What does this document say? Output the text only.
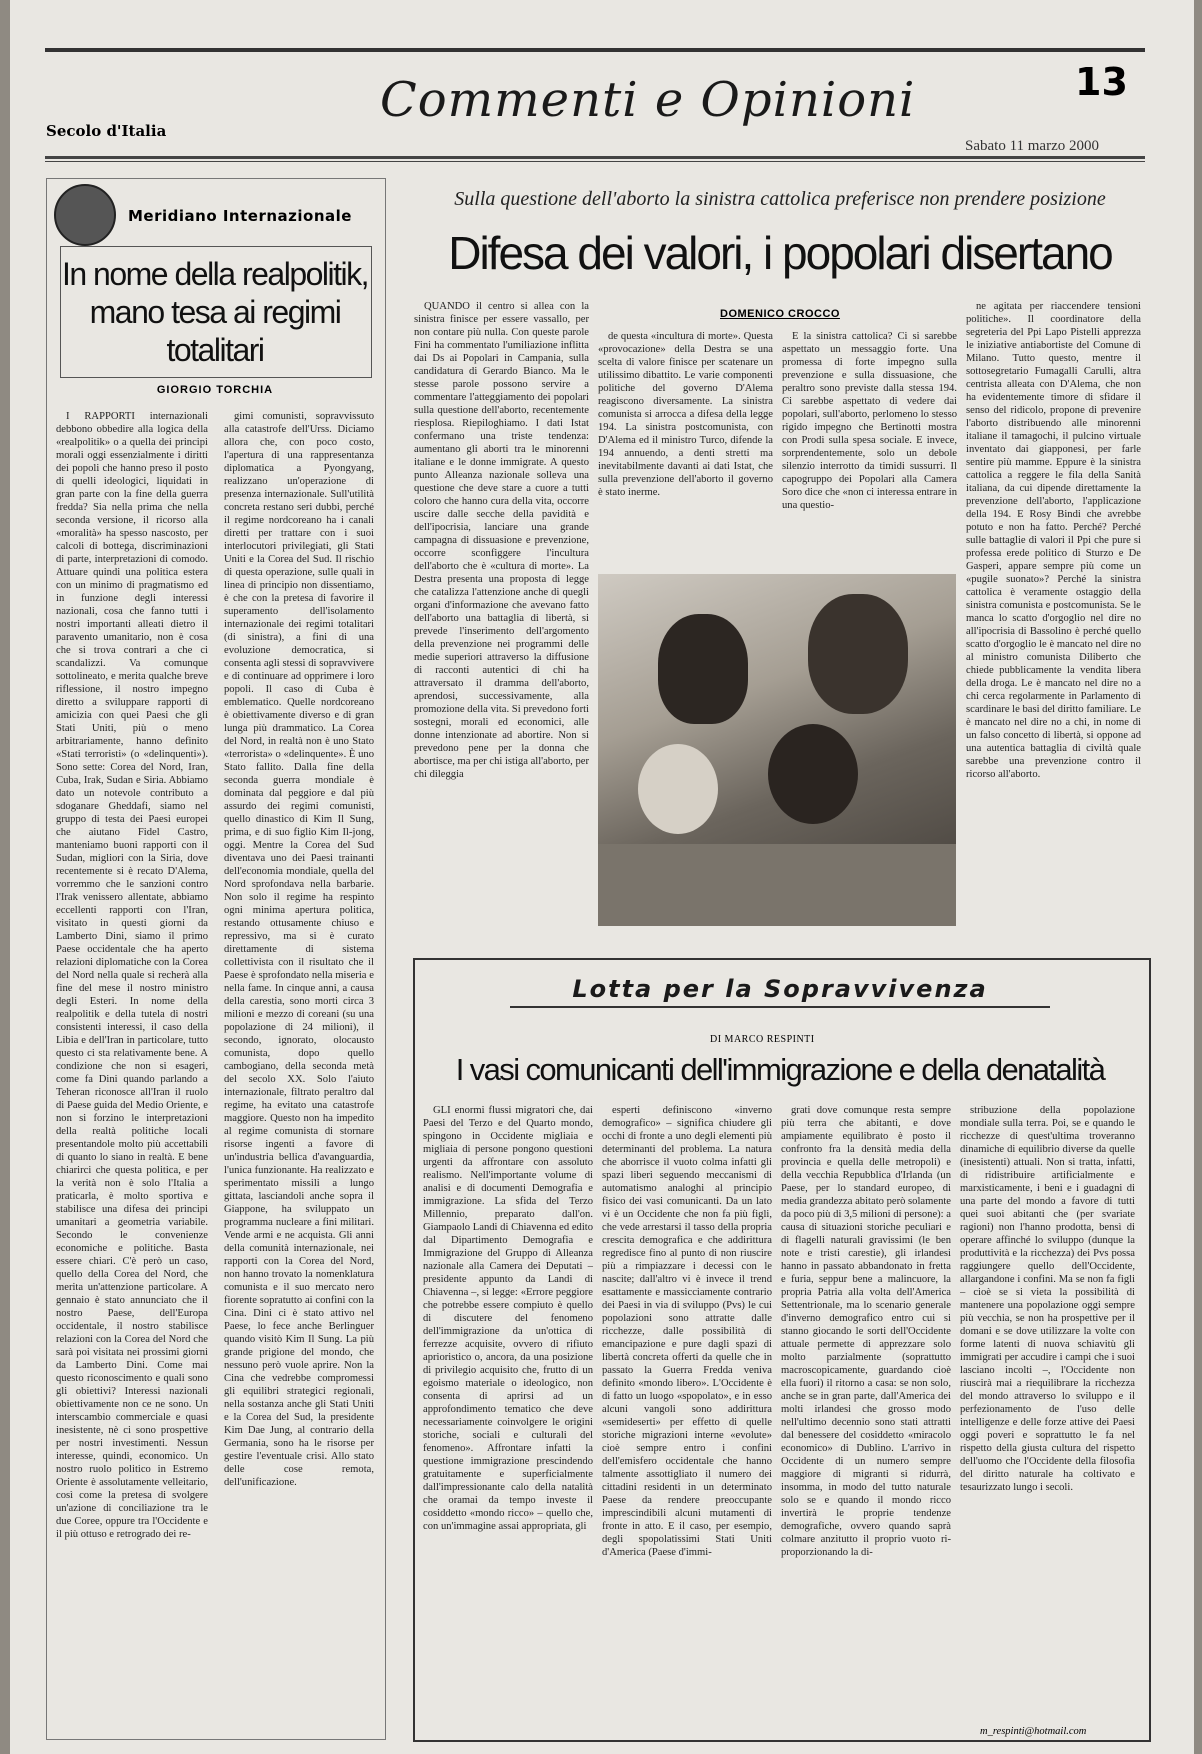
Commenti e Opinioni	13
Secolo d'Italia
Sabato 11 marzo 2000
Meridiano Internazionale
In nome della realpolitik, mano tesa ai regimi totalitari
GIORGIO TORCHIA

I RAPPORTI internazionali debbono obbedire alla logica della «realpolitik» o a quella dei principi morali oggi essenzialmente i diritti dei popoli che hanno preso il posto di quelli ideologici, liquidati in gran parte con la fine della guerra fredda? Sia nella prima che nella seconda versione, il ricorso alla «moralità» ha spesso nascosto, per calcoli di bottega, discriminazioni di parte, interpretazioni di comodo. Attuare quindi una politica estera con un minimo di pragmatismo ed in funzione degli interessi nazionali, cosa che fanno tutti i nostri importanti alleati dietro il paravento umanitario, non è cosa che si trova contrari a che ci scandalizzi. Va comunque sottolineato, e merita qualche breve riflessione, il nostro impegno diretto a sviluppare rapporti di amicizia con quei Paesi che gli Stati Uniti, più o meno arbitrariamente, hanno definito «Stati terroristi» (o «delinquenti»). Sono sette: Corea del Nord, Iran, Cuba, Irak, Sudan e Siria. Abbiamo dato un notevole contributo a sdoganare Gheddafi, siamo nel gruppo di testa dei Paesi europei che aiutano Fidel Castro, manteniamo buoni rapporti con il Sudan, migliori con la Siria, dove recentemente si è recato D'Alema, vorremmo che le sanzioni contro l'Irak venissero allentate, abbiamo eccellenti rapporti con l'Iran, visitato in questi giorni da Lamberto Dini, siamo il primo Paese occidentale che ha aperto relazioni diplomatiche con la Corea del Nord nella quale si recherà alla fine del mese il nostro ministro degli Esteri. In nome della realpolitik e della tutela di nostri consistenti interessi, il caso della Libia e dell'Iran in particolare, tutto questo ci sta relativamente bene. A condizione che non si esageri, come fa Dini quando parlando a Teheran riconosce all'Iran il ruolo di Paese guida del Medio Oriente, e non si forzino le interpretazioni della realtà politiche locali presentandole molto più accettabili di quanto lo siano in realtà. E bene chiarirci che questa politica, e per la verità non è solo l'Italia a praticarla, è molto sportiva e stabilisce una difesa dei principi umanitari a geometria variabile. Secondo le convenienze economiche e politiche. Basta essere chiari. C'è però un caso, quello della Corea del Nord, che merita un'attenzione particolare. A gennaio è stato annunciato che il nostro Paese, dell'Europa occidentale, il nostro stabilisce relazioni con la Corea del Nord che sarà poi visitata nei prossimi giorni da Lamberto Dini. Come mai questo riconoscimento e quali sono gli obiettivi? Interessi nazionali obiettivamente non ce ne sono. Un interscambio commerciale e quasi inesistente, nè ci sono prospettive per nostri investimenti. Nessun interesse, quindi, economico. Un nostro ruolo politico in Estremo Oriente è assolutamente velleitario, così come la pretesa di svolgere un'azione di conciliazione tra le due Coree, oppure tra l'Occidente e il più ottuso e retrogrado dei re-

gimi comunisti, sopravvissuto alla catastrofe dell'Urss. Diciamo allora che, con poco costo, l'apertura di una rappresentanza diplomatica a Pyongyang, realizzano un'operazione di presenza internazionale. Sull'utilità concreta restano seri dubbi, perché il regime nordcoreano ha i canali diretti per trattare con i suoi interlocutori privilegiati, gli Stati Uniti e la Corea del Sud. Il rischio di questa operazione, sulle quali in linea di principio non dissentiamo, è che con la pretesa di favorire il superamento dell'isolamento internazionale dei regimi totalitari (di sinistra), a fini di una evoluzione democratica, si consenta agli stessi di sopravvivere e di continuare ad opprimere i loro popoli. Il caso di Cuba è emblematico. Quelle nordcoreano è obiettivamente diverso e di gran lunga più drammatico. La Corea del Nord, in realtà non è uno Stato «terrorista» o «delinquente». È uno Stato fallito. Dalla fine della seconda guerra mondiale è dominata dal peggiore e dal più assurdo dei regimi comunisti, quello dinastico di Kim Il Sung, prima, e di suo figlio Kim Il-jong, oggi. Mentre la Corea del Sud diventava uno dei Paesi trainanti dell'economia mondiale, quella del Nord sprofondava nella barbarie. Non solo il regime ha respinto ogni minima apertura politica, restando ottusamente chiuso e repressivo, ma si è curato direttamente di sistema collettivista con il risultato che il Paese è sprofondato nella miseria e nella fame. In cinque anni, a causa della carestia, sono morti circa 3 milioni e mezzo di coreani (su una popolazione di 24 milioni), il secondo, ignorato, olocausto comunista, dopo quello cambogiano, della seconda metà del secolo XX. Solo l'aiuto internazionale, filtrato peraltro dal regime, ha evitato una catastrofe maggiore. Questo non ha impedito al regime comunista di stornare risorse ingenti a favore di un'industria bellica d'avanguardia, l'unica funzionante. Ha realizzato e sperimentato missili a lungo gittata, lasciandoli anche sopra il Giappone, ha sviluppato un programma nucleare a fini militari. Vende armi e ne acquista. Gli anni della comunità internazionale, nei rapporti con la Corea del Nord, non hanno trovato la nomenklatura comunista e il suo mercato nero fiorente sopratutto ai confini con la Cina. Dini ci è stato attivo nel Paese, lo fece anche Berlinguer quando visitò Kim Il Sung. La più grande prigione del mondo, che nessuno però vuole aprire. Non la Cina che vedrebbe compromessi gli equilibri strategici regionali, nella sostanza anche gli Stati Uniti e la Corea del Sud, la presidente Kim Dae Jung, al contrario della Germania, sono ha le risorse per gestire l'eventuale crisi. Allo stato delle cose remota, dell'unificazione.

Sulla questione dell'aborto la sinistra cattolica preferisce non prendere posizione
Difesa dei valori, i popolari disertano
DOMENICO CROCCO

QUANDO il centro si allea con la sinistra finisce per essere vassallo, per non contare più nulla. Con queste parole Fini ha commentato l'umiliazione inflitta dai Ds ai Popolari in Campania, sulla candidatura di Gerardo Bianco. Ma le stesse parole possono servire a commentare l'atteggiamento dei popolari sulla questione dell'aborto, recentemente riesplosa. Riepiloghiamo. I dati Istat confermano una triste tendenza: aumentano gli aborti tra le minorenni italiane e le donne immigrate. A questo punto Alleanza nazionale solleva una questione che deve stare a cuore a tutti coloro che hanno cura della vita, occorre uscire dalle secche della pavidità e dell'ipocrisia, lanciare una grande campagna di dissuasione e prevenzione, occorre sconfiggere l'incultura dell'aborto che è «cultura di morte». La Destra presenta una proposta di legge che catalizza l'attenzione anche di quegli organi d'informazione che avevano fatto dell'aborto una battaglia di libertà, si prevede l'inserimento dell'argomento della prevenzione nei programmi delle medie superiori attraverso la diffusione di racconti autentici di chi ha attraversato il dramma dell'aborto, aprendosi, successivamente, alla promozione della vita. Si prevedono forti sostegni, morali ed economici, alle donne intenzionate ad abortire. Non si prevedono pene per la donna che abortisce, ma per chi istiga all'aborto, per chi dileggia

de questa «incultura di morte». Questa «provocazione» della Destra se una scelta di valore finisce per scatenare un utilissimo dibattito. Le varie componenti politiche del governo D'Alema reagiscono diversamente. La sinistra comunista si arrocca a difesa della legge 194. La sinistra postcomunista, con D'Alema ed il ministro Turco, difende la 194 annuendo, a denti stretti ma inevitabilmente davanti ai dati Istat, che sulla prevenzione dell'aborto il governo è stato inerme.

E la sinistra cattolica? Ci si sarebbe aspettato un messaggio forte. Una promessa di forte impegno sulla prevenzione e sulla dissuasione, che peraltro sono previste dalla stessa 194. Ci sarebbe aspettato di vedere dai popolari, sull'aborto, perlomeno lo stesso rigido impegno che Bertinotti mostra con Prodi sulla spesa sociale. E invece, sorprendentemente, solo un debole silenzio interrotto da timidi sussurri. Il capogruppo dei Popolari alla Camera Soro dice che «non ci interessa entrare in una questio-

ne agitata per riaccendere tensioni politiche». Il coordinatore della segreteria del Ppi Lapo Pistelli apprezza le iniziative antiabortiste del Comune di Milano. Tutto questo, mentre il sottosegretario Fumagalli Carulli, altra centrista alleata con D'Alema, che non ha evidentemente timore di sfidare il senso del ridicolo, propone di prevenire l'aborto distribuendo alle minorenni italiane il tamagochi, il pulcino virtuale inventato dai giapponesi, per farle sentire più mamme. Eppure è la sinistra cattolica a reggere le fila della Sanità italiana, da cui dipende direttamente la prevenzione dell'aborto, l'applicazione della 194. E Rosy Bindi che avrebbe potuto e non ha fatto. Perché? Perché sulle battaglie di valori il Ppi che pure si professa erede politico di Sturzo e De Gasperi, appare sempre più come un «pugile suonato»? Perché la sinistra cattolica è veramente ostaggio della sinistra comunista e postcomunista. Se le manca lo scatto d'orgoglio nel dire no all'ipocrisia di Bassolino è perché quello scatto d'orgoglio le è mancato nel dire no al ministro comunista Diliberto che chiede pubblicamente la vendita libera della droga. Le è mancato nel dire no a chi cerca regolarmente in Parlamento di scardinare le basi del diritto familiare. Le è mancato nel dire no a chi, in nome di un falso concetto di libertà, si oppone ad una autentica battaglia di civiltà quale sarebbe una prevenzione contro il ricorso all'aborto.

Lotta per la Sopravvivenza
DI MARCO RESPINTI
I vasi comunicanti dell'immigrazione e della denatalità

GLI enormi flussi migratori che, dai Paesi del Terzo e del Quarto mondo, spingono in Occidente migliaia e migliaia di persone pongono questioni urgenti da affrontare con assoluto realismo. Nell'importante volume di analisi e di documenti Demografia e immigrazione. La sfida del Terzo Millennio, preparato dall'on. Giampaolo Landi di Chiavenna ed edito dal Dipartimento Demografia e Immigrazione del Gruppo di Alleanza nazionale alla Camera dei Deputati – presidente appunto da Landi di Chiavenna –, si legge: «Errore peggiore che potrebbe essere compiuto è quello di discutere del fenomeno dell'immigrazione da un'ottica di ferrezze acquisite, ovvero di rifiuto aprioristico o, ancora, da una posizione di privilegio acquisito che, frutto di un egoismo materiale o ideologico, non consenta di aprirsi ad un approfondimento tematico che deve necessariamente coinvolgere le origini storiche, sociali e culturali del fenomeno». Affrontare infatti la questione immigrazione prescindendo gratuitamente e superficialmente dall'impressionante calo della natalità che oramai da tempo investe il cosiddetto «mondo ricco» – quello che, con un'immagine assai appropriata, gli

esperti definiscono «inverno demografico» – significa chiudere gli occhi di fronte a uno degli elementi più determinanti del problema. La natura che aborrisce il vuoto colma infatti gli spazi liberi seguendo meccanismi di automatismo analoghi al principio fisico dei vasi comunicanti. Da un lato vi è un Occidente che non fa più figli, che vede arrestarsi il tasso della propria crescita demografica e che addirittura regredisce fino al punto di non riuscire più a rimpiazzare i decessi con le nascite; dall'altro vi è invece il trend esattamente e massicciamente contrario dei Paesi in via di sviluppo (Pvs) le cui popolazioni sono attratte dalle ricchezze, dalle possibilità di emancipazione e pure dagli spazi di libertà concreta offerti da quelle che in passato la Guerra Fredda veniva definito «mondo libero». L'Occidente è di fatto un luogo «spopolato», e in esso alcuni vangoli sono addirittura «semideserti» per effetto di quelle storiche migrazioni interne «evolute» cioè sempre entro i confini dell'emisfero occidentale che hanno talmente assottigliato il numero dei cittadini residenti in un determinato Paese da rendere preoccupante imprescindibili alcuni mutamenti di fronte in atto. E il caso, per esempio, degli spopolatissimi Stati Uniti d'America (Paese d'immi-

grati dove comunque resta sempre più terra che abitanti, e dove ampiamente equilibrato è posto il confronto fra la densità media della provincia e quella delle metropoli) e della vecchia Repubblica d'Irlanda (un Paese, per lo standard europeo, di media grandezza abitato però solamente da poco più di 3,5 milioni di persone): a causa di situazioni storiche peculiari e di flagelli naturali gravissimi (le ben note e tristi carestie), gli irlandesi hanno in passato abbandonato in fretta e furia, seppur bene a malincuore, la propria Patria alla volta dell'America Settentrionale, ma lo scenario generale d'inverno demografico entro cui si stanno giocando le sorti dell'Occidente attuale permette di apprezzare solo molto parzialmente (soprattutto macroscopicamente, guardando cioè ella fuori) il ritorno a casa: se non solo, anche se in gran parte, dall'America dei molti irlandesi che grosso modo nell'ultimo decennio sono stati attratti dal benessere del cosiddetto «miracolo economico» di Dublino. L'arrivo in Occidente di un numero sempre maggiore di migranti si ridurrà, insomma, in modo del tutto naturale solo se e quando il mondo ricco invertirà le proprie tendenze demografiche, ovvero quando saprà colmare anzitutto il proprio vuoto ri-proporzionando la di-

stribuzione della popolazione mondiale sulla terra. Poi, se e quando le ricchezze di quest'ultima troveranno dinamiche di equilibrio diverse da quelle (inesistenti) attuali. Non si tratta, infatti, di ridistribuire artificialmente e marxisticamente, i beni e i guadagni di una parte del mondo a favore di tutti quei suoi abitanti che (per svariate ragioni) non l'hanno prodotta, bensì di operare affinché lo sviluppo (dunque la produttività e la ricchezza) dei Pvs possa raggiungere quello dell'Occidente, allargandone i confini. Ma se non fa figli – cioè se si vieta la possibilità di mantenere una popolazione oggi sempre più vecchia, se non ha prospettive per il domani e se dove utilizzare la volte con forme latenti di nuova schiavitù gli immigrati per accudire i campi che i suoi lasciano incolti –, l'Occidente non riuscirà mai a riequilibrare la ricchezza del mondo attraverso lo sviluppo e il perfezionamento de l'uso delle intelligenze e delle forze attive dei Paesi oggi poveri e soprattutto le fa nel rispetto della giusta cultura del rispetto dell'uomo che l'Occidente della filosofia del diritto naturale ha coltivato e tesaurizzato lungo i secoli.

m_respinti@hotmail.com
